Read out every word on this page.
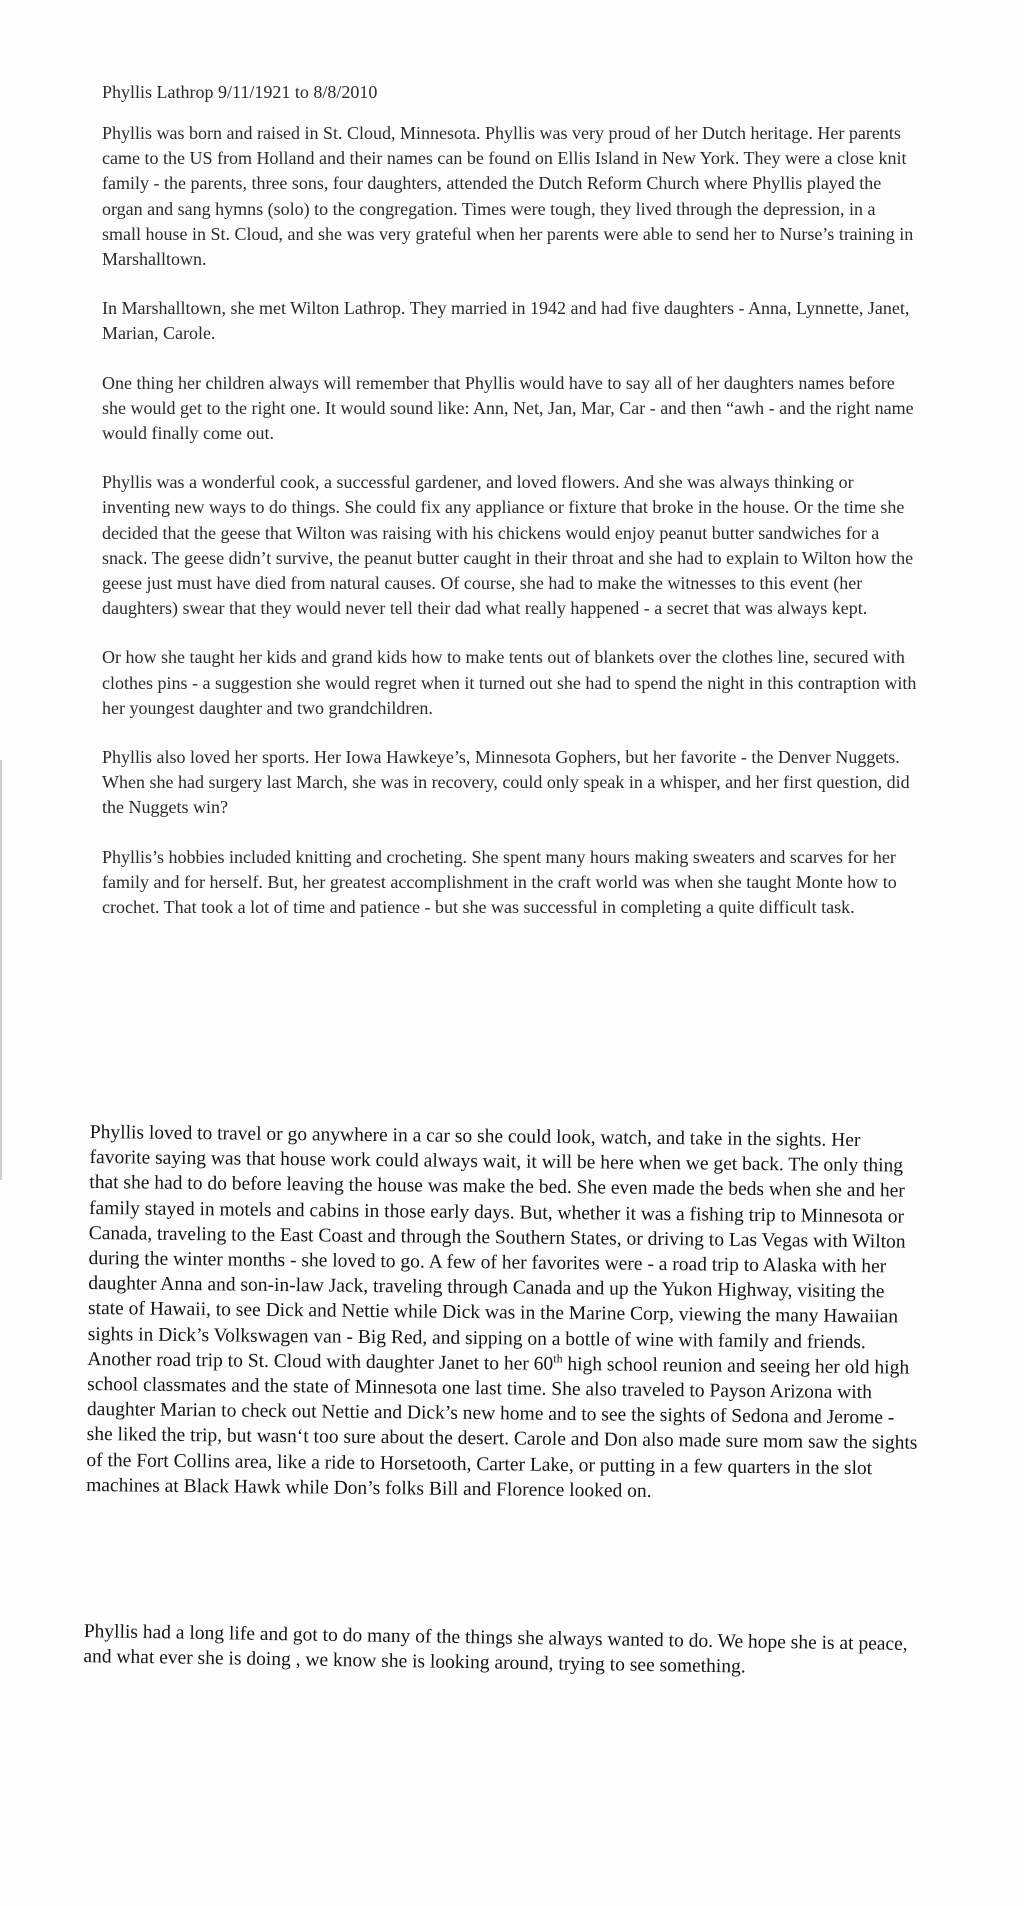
Phyllis Lathrop 9/11/1921 to 8/8/2010

Phyllis was born and raised in St. Cloud, Minnesota. Phyllis was very proud of her Dutch heritage. Her parents came to the US from Holland and their names can be found on Ellis Island in New York. They were a close knit family - the parents, three sons, four daughters, attended the Dutch Reform Church where Phyllis played the organ and sang hymns (solo) to the congregation. Times were tough, they lived through the depression, in a small house in St. Cloud, and she was very grateful when her parents were able to send her to Nurse’s training in Marshalltown.

In Marshalltown, she met Wilton Lathrop. They married in 1942 and had five daughters - Anna, Lynnette, Janet, Marian, Carole.

One thing her children always will remember that Phyllis would have to say all of her daughters names before she would get to the right one. It would sound like: Ann, Net, Jan, Mar, Car - and then “awh - and the right name would finally come out.

Phyllis was a wonderful cook, a successful gardener, and loved flowers. And she was always thinking or inventing new ways to do things. She could fix any appliance or fixture that broke in the house. Or the time she decided that the geese that Wilton was raising with his chickens would enjoy peanut butter sandwiches for a snack. The geese didn’t survive, the peanut butter caught in their throat and she had to explain to Wilton how the geese just must have died from natural causes. Of course, she had to make the witnesses to this event (her daughters) swear that they would never tell their dad what really happened - a secret that was always kept.

Or how she taught her kids and grand kids how to make tents out of blankets over the clothes line, secured with clothes pins - a suggestion she would regret when it turned out she had to spend the night in this contraption with her youngest daughter and two grandchildren.

Phyllis also loved her sports. Her Iowa Hawkeye’s, Minnesota Gophers, but her favorite - the Denver Nuggets. When she had surgery last March, she was in recovery, could only speak in a whisper, and her first question, did the Nuggets win?

Phyllis’s hobbies included knitting and crocheting. She spent many hours making sweaters and scarves for her family and for herself. But, her greatest accomplishment in the craft world was when she taught Monte how to crochet. That took a lot of time and patience - but she was successful in completing a quite difficult task.

Phyllis loved to travel or go anywhere in a car so she could look, watch, and take in the sights. Her favorite saying was that house work could always wait, it will be here when we get back. The only thing that she had to do before leaving the house was make the bed. She even made the beds when she and her family stayed in motels and cabins in those early days. But, whether it was a fishing trip to Minnesota or Canada, traveling to the East Coast and through the Southern States, or driving to Las Vegas with Wilton during the winter months - she loved to go. A few of her favorites were - a road trip to Alaska with her daughter Anna and son-in-law Jack, traveling through Canada and up the Yukon Highway, visiting the state of Hawaii, to see Dick and Nettie while Dick was in the Marine Corp, viewing the many Hawaiian sights in Dick’s Volkswagen van - Big Red, and sipping on a bottle of wine with family and friends. Another road trip to St. Cloud with daughter Janet to her 60th high school reunion and seeing her old high school classmates and the state of Minnesota one last time. She also traveled to Payson Arizona with daughter Marian to check out Nettie and Dick’s new home and to see the sights of Sedona and Jerome - she liked the trip, but wasn‘t too sure about the desert. Carole and Don also made sure mom saw the sights of the Fort Collins area, like a ride to Horsetooth, Carter Lake, or putting in a few quarters in the slot machines at Black Hawk while Don’s folks Bill and Florence looked on.

Phyllis had a long life and got to do many of the things she always wanted to do. We hope she is at peace, and what ever she is doing , we know she is looking around, trying to see something.
